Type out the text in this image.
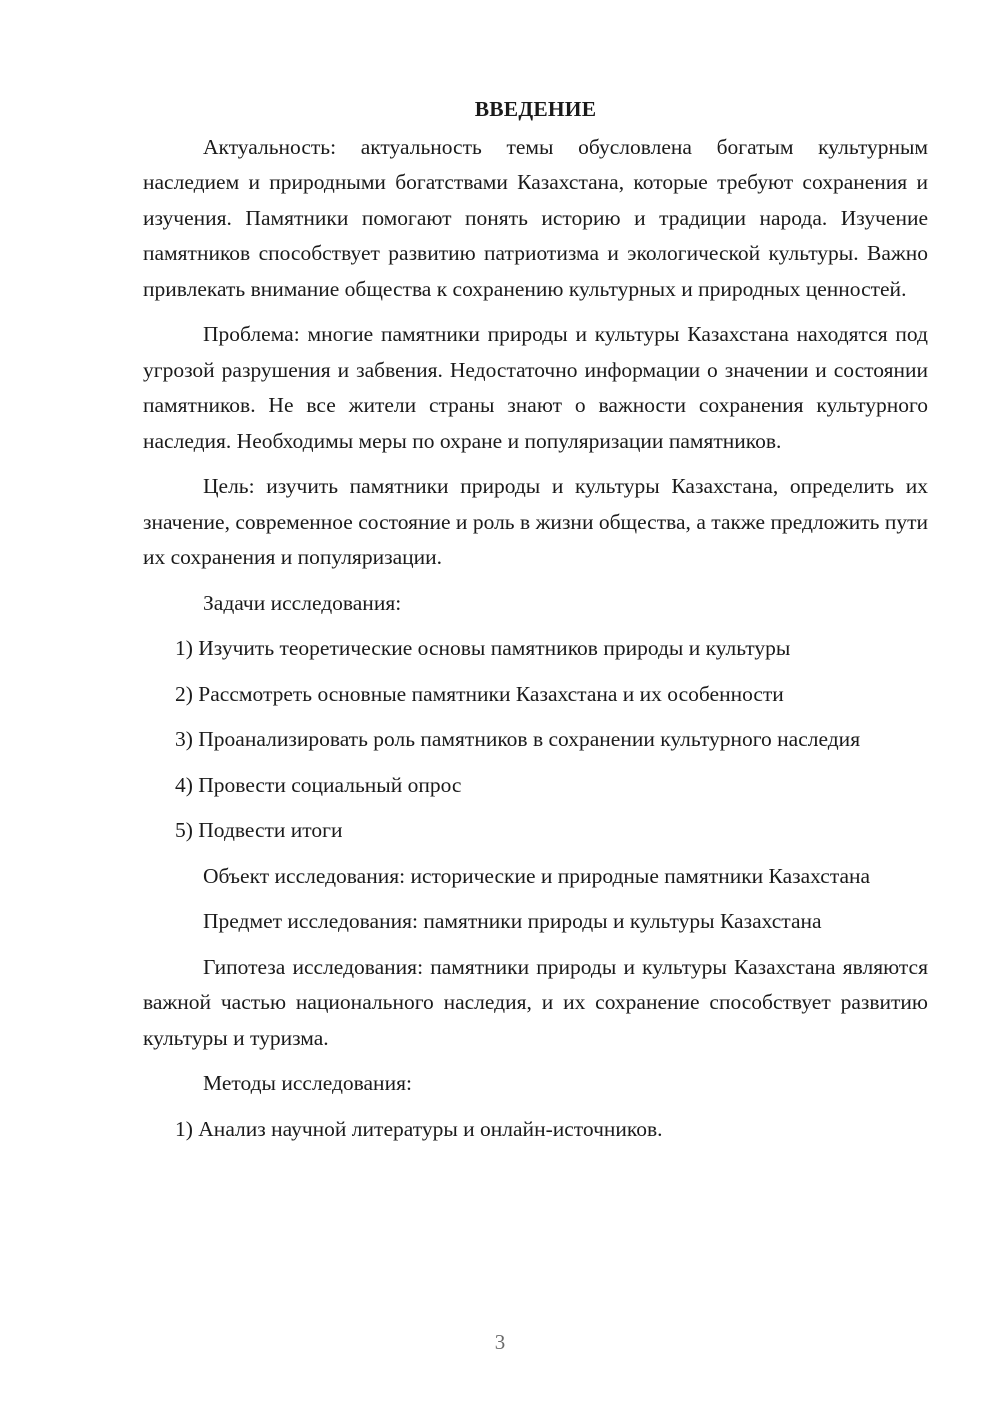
ВВЕДЕНИЕ

Актуальность: актуальность темы обусловлена богатым культурным наследием и природными богатствами Казахстана, которые требуют сохранения и изучения. Памятники помогают понять историю и традиции народа. Изучение памятников способствует развитию патриотизма и экологической культуры. Важно привлекать внимание общества к сохранению культурных и природных ценностей.

Проблема: многие памятники природы и культуры Казахстана находятся под угрозой разрушения и забвения. Недостаточно информации о значении и состоянии памятников. Не все жители страны знают о важности сохранения культурного наследия. Необходимы меры по охране и популяризации памятников.

Цель: изучить памятники природы и культуры Казахстана, определить их значение, современное состояние и роль в жизни общества, а также предложить пути их сохранения и популяризации.

Задачи исследования:

1) Изучить теоретические основы памятников природы и культуры

2) Рассмотреть основные памятники Казахстана и их особенности

3) Проанализировать роль памятников в сохранении культурного наследия

4) Провести социальный опрос

5) Подвести итоги

Объект исследования: исторические и природные памятники Казахстана

Предмет исследования: памятники природы и культуры Казахстана

Гипотеза исследования: памятники природы и культуры Казахстана являются важной частью национального наследия, и их сохранение способствует развитию культуры и туризма.

Методы исследования:

1) Анализ научной литературы и онлайн-источников.

3
